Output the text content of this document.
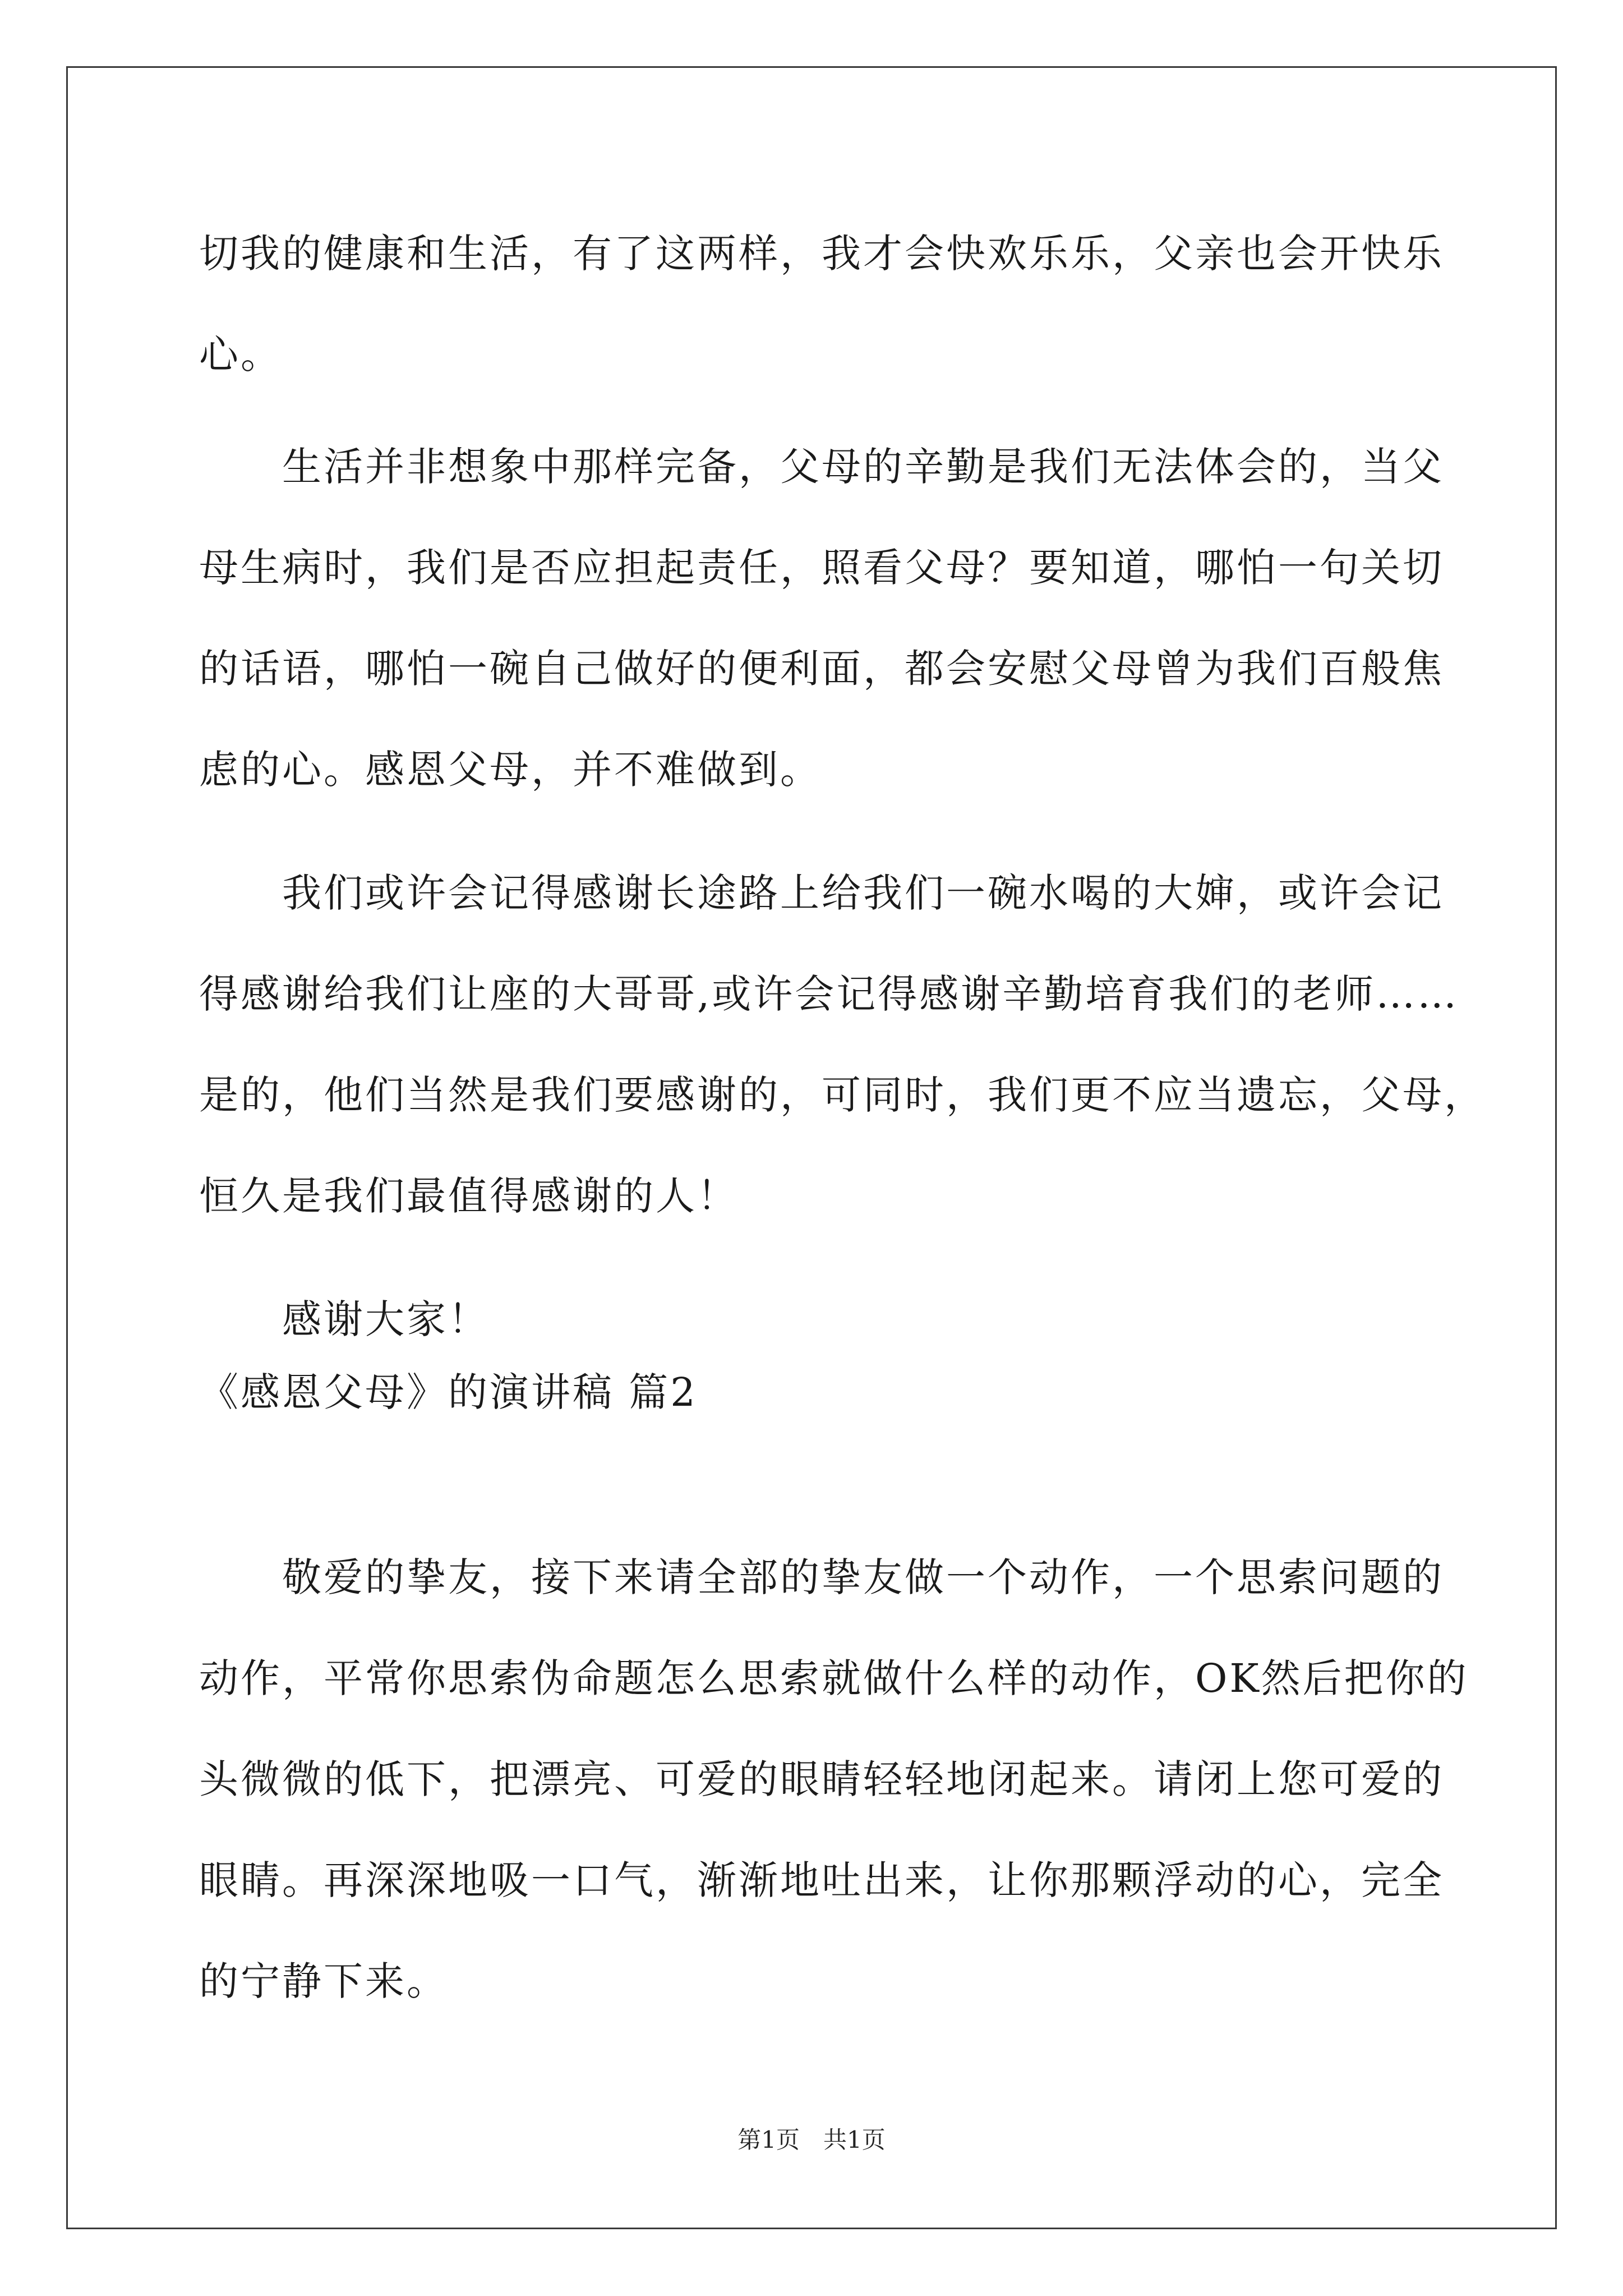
切我的健康和生活，有了这两样，我才会快欢乐乐，父亲也会开快乐
心。
　　生活并非想象中那样完备，父母的辛勤是我们无法体会的，当父
母生病时，我们是否应担起责任，照看父母？要知道，哪怕一句关切
的话语，哪怕一碗自己做好的便利面，都会安慰父母曾为我们百般焦
虑的心。感恩父母，并不难做到。
　　我们或许会记得感谢长途路上给我们一碗水喝的大婶，或许会记
得感谢给我们让座的大哥哥,或许会记得感谢辛勤培育我们的老师……
是的，他们当然是我们要感谢的，可同时，我们更不应当遗忘，父母，
恒久是我们最值得感谢的人！
　　感谢大家！
《感恩父母》的演讲稿 篇2
　　敬爱的挚友，接下来请全部的挚友做一个动作，一个思索问题的
动作，平常你思索伪命题怎么思索就做什么样的动作，OK然后把你的
头微微的低下，把漂亮、可爱的眼睛轻轻地闭起来。请闭上您可爱的
眼睛。再深深地吸一口气，渐渐地吐出来，让你那颗浮动的心，完全
的宁静下来。
第1页　共1页
